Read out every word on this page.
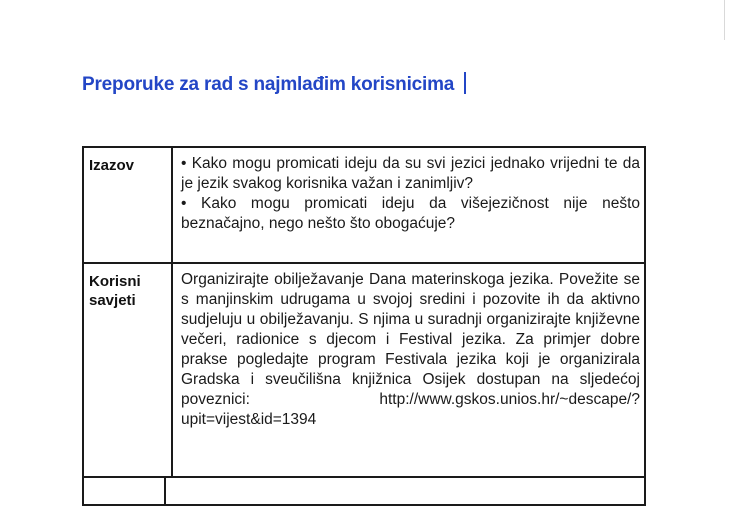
Preporuke za rad s najmlađim korisnicima
Izazov	• Kako mogu promicati ideju da su svi jezici jednako vrijedni te da je jezik svakog korisnika važan i zanimljiv?
• Kako mogu promicati ideju da višejezičnost nije nešto beznačajno, nego nešto što obogaćuje?

Korisni
savjeti	Organizirajte obilježavanje Dana materinskoga jezika. Povežite se s manjinskim udrugama u svojoj sredini i pozovite ih da aktivno sudjeluju u obilježavanju. S njima u suradnji organizirajte književne večeri, radionice s djecom i Festival jezika. Za primjer dobre prakse pogledajte program Festivala jezika koji je organizirala Gradska i sveučilišna knjižnica Osijek dostupan na sljedećoj poveznici: http://www.gskos.unios.hr/~descape/?upit=vijest&id=1394
